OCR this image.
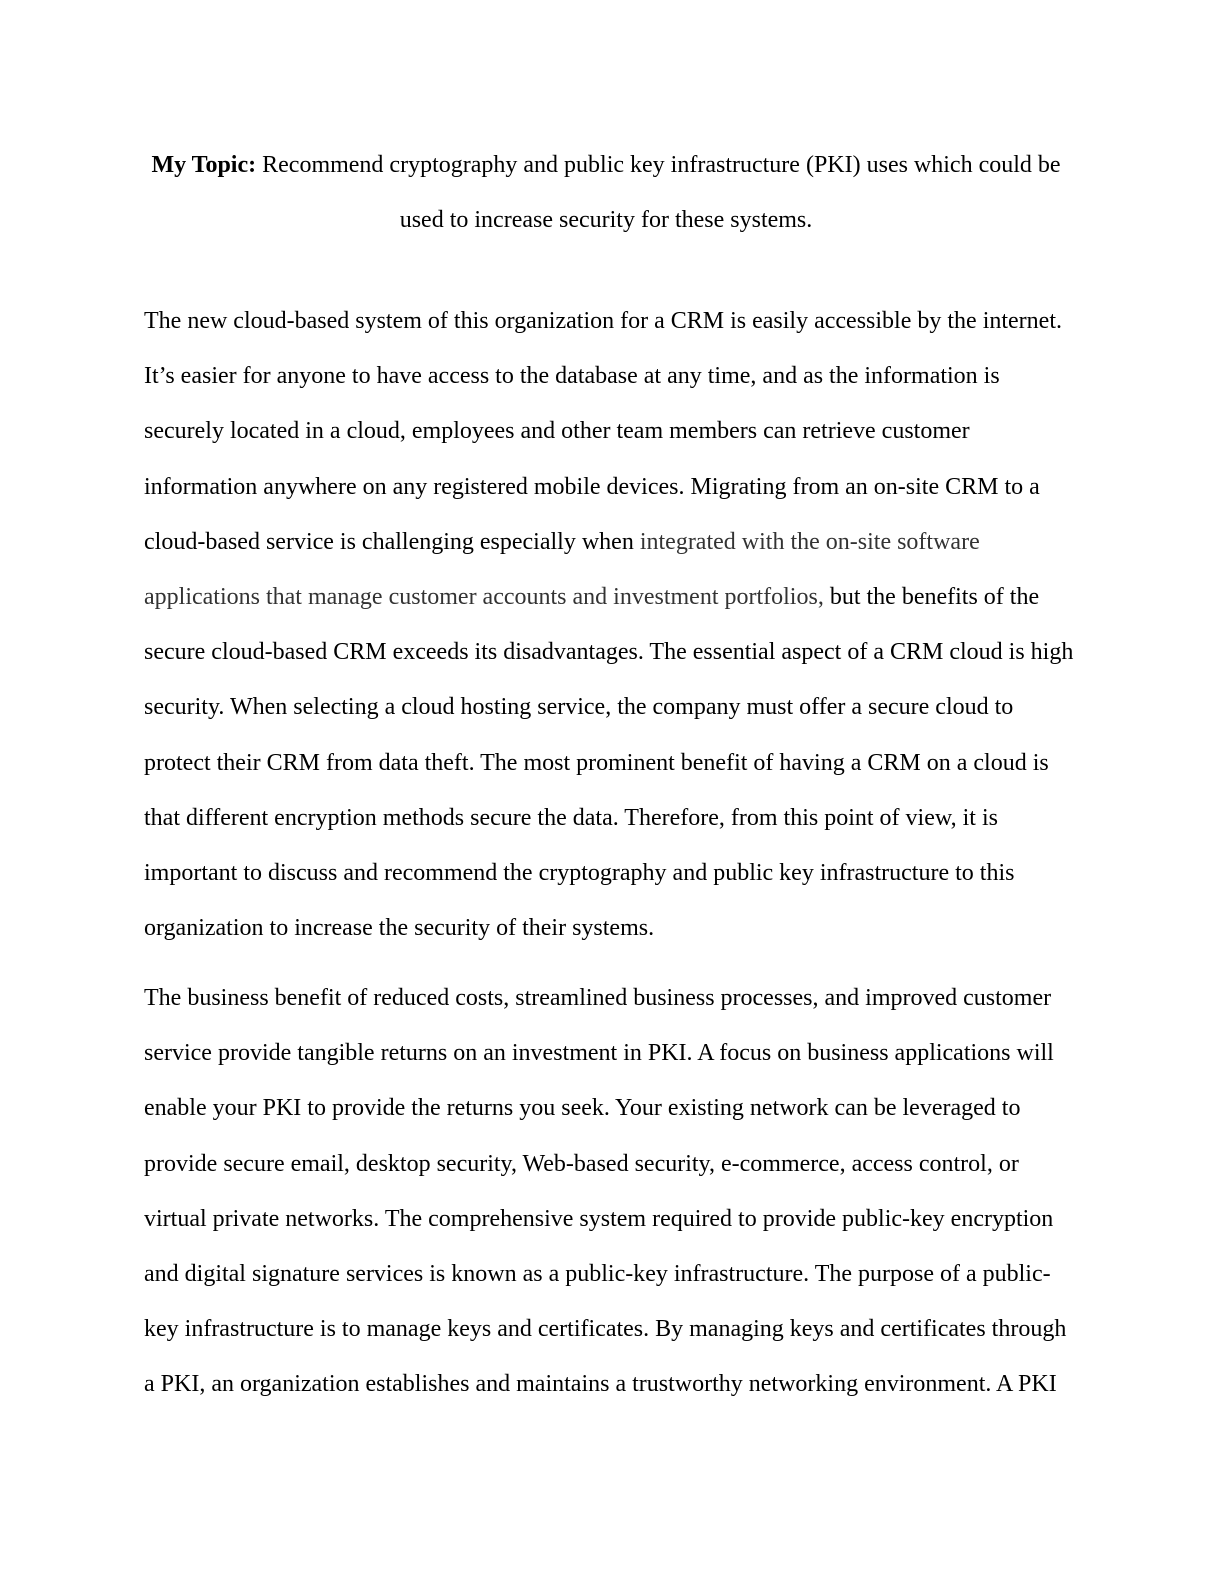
My Topic: Recommend cryptography and public key infrastructure (PKI) uses which could be
used to increase security for these systems.

The new cloud-based system of this organization for a CRM is easily accessible by the internet.
It’s easier for anyone to have access to the database at any time, and as the information is
securely located in a cloud, employees and other team members can retrieve customer
information anywhere on any registered mobile devices. Migrating from an on-site CRM to a
cloud-based service is challenging especially when integrated with the on-site software
applications that manage customer accounts and investment portfolios, but the benefits of the
secure cloud-based CRM exceeds its disadvantages. The essential aspect of a CRM cloud is high
security. When selecting a cloud hosting service, the company must offer a secure cloud to
protect their CRM from data theft. The most prominent benefit of having a CRM on a cloud is
that different encryption methods secure the data. Therefore, from this point of view, it is
important to discuss and recommend the cryptography and public key infrastructure to this
organization to increase the security of their systems.
The business benefit of reduced costs, streamlined business processes, and improved customer
service provide tangible returns on an investment in PKI. A focus on business applications will
enable your PKI to provide the returns you seek. Your existing network can be leveraged to
provide secure email, desktop security, Web-based security, e-commerce, access control, or
virtual private networks. The comprehensive system required to provide public-key encryption
and digital signature services is known as a public-key infrastructure. The purpose of a public-
key infrastructure is to manage keys and certificates. By managing keys and certificates through
a PKI, an organization establishes and maintains a trustworthy networking environment. A PKI
